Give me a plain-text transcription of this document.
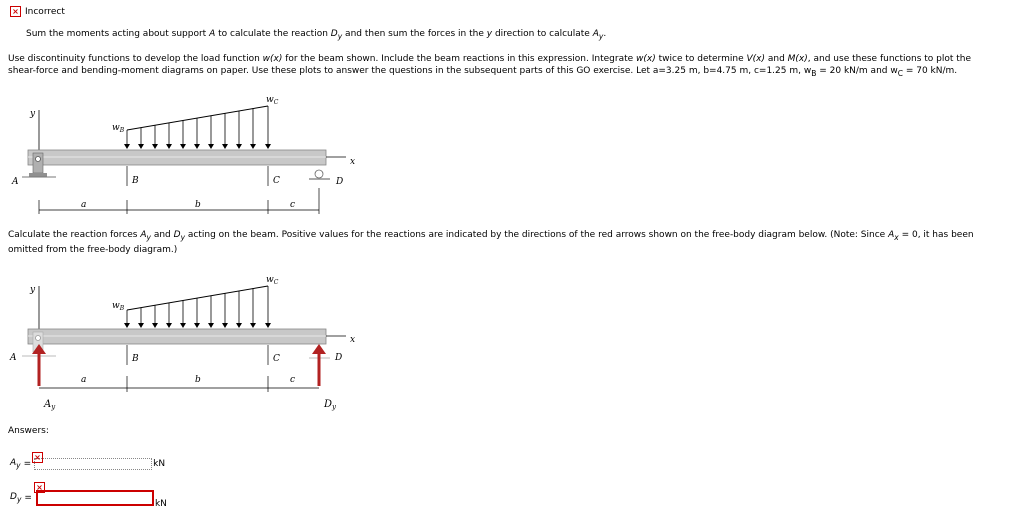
× Incorrect
Sum the moments acting about support A to calculate the reaction $D_y$ and then sum the forces in the y direction to calculate $A_y$.
Use discontinuity functions to develop the load function w(x) for the beam shown. Include the beam reactions in this expression. Integrate w(x) twice to determine V(x) and M(x), and use these functions to plot the
shear-force and bending-moment diagrams on paper. Use these plots to answer the questions in the subsequent parts of this GO exercise. Let a=3.25 m, b=4.75 m, c=1.25 m, $w_B = 20$ kN/m and $w_C = 70$ kN/m.
y
$w_B$
$w_C$
x
A	D
B	C
a	b	c
Calculate the reaction forces $A_y$ and $D_y$ acting on the beam. Positive values for the reactions are indicated by the directions of the red arrows shown on the free-body diagram below. (Note: Since $A_x = 0$, it has been
omitted from the free-body diagram.)
y
$w_B$
$w_C$
x
A
$A_y$
D
$D_y$
B	C
a	b	c
Answers:
$A_y$ =
×
kN
$D_y$ =
×
kN
